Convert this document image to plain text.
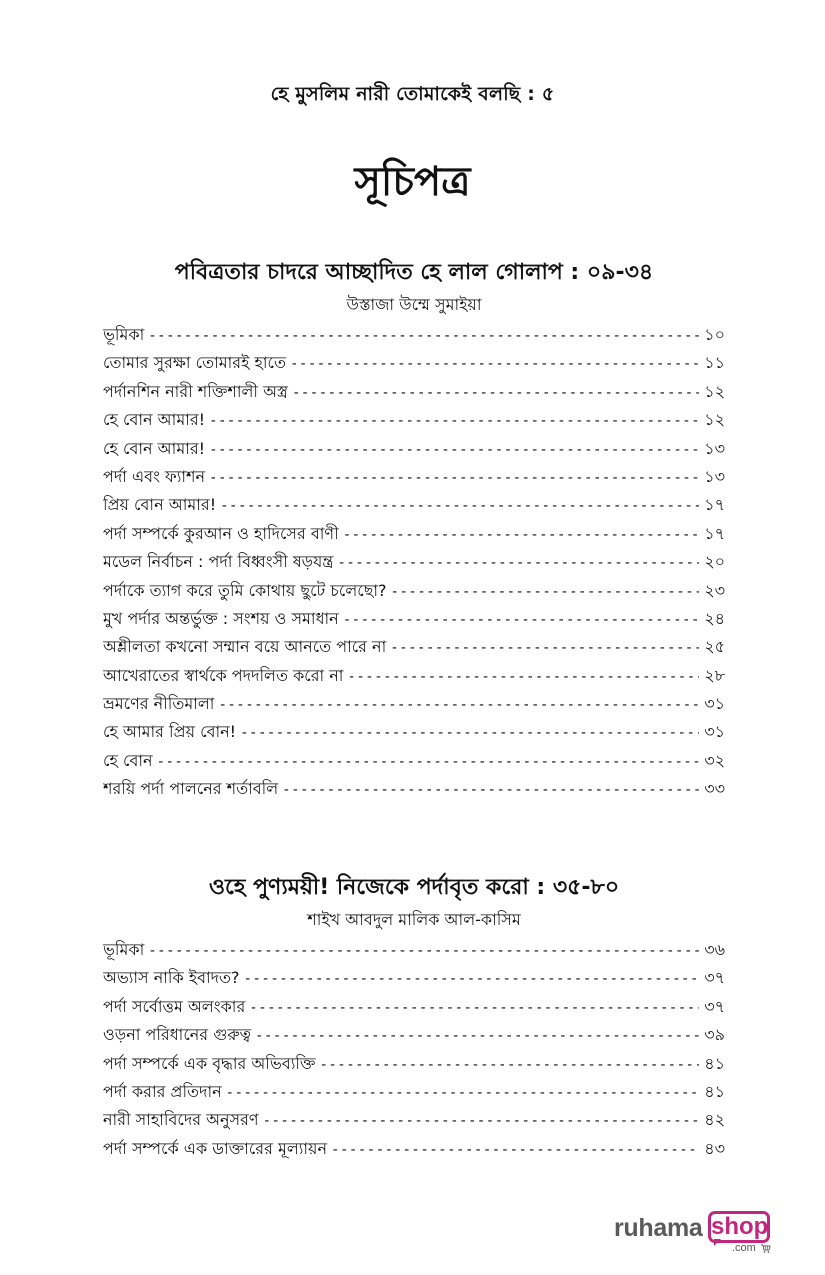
হে মুসলিম নারী তোমাকেই বলছি : ৫
সূচিপত্র
পবিত্রতার চাদরে আচ্ছাদিত হে লাল গোলাপ : ০৯-৩৪
উস্তাজা উম্মে সুমাইয়া
ভূমিকা -----	১০
তোমার সুরক্ষা তোমারই হাতে -----	১১
পর্দানশিন নারী শক্তিশালী অস্ত্র -----	১২
হে বোন আমার! -----	১২
হে বোন আমার! -----	১৩
পর্দা এবং ফ্যাশন -----	১৩
প্রিয় বোন আমার! -----	১৭
পর্দা সম্পর্কে কুরআন ও হাদিসের বাণী -----	১৭
মডেল নির্বাচন : পর্দা বিধ্বংসী ষড়যন্ত্র -----	২০
পর্দাকে ত্যাগ করে তুমি কোথায় ছুটে চলেছো? -----	২৩
মুখ পর্দার অন্তর্ভুক্ত : সংশয় ও সমাধান -----	২৪
অশ্লীলতা কখনো সম্মান বয়ে আনতে পারে না -----	২৫
আখেরাতের স্বার্থকে পদদলিত করো না -----	২৮
ভ্রমণের নীতিমালা -----	৩১
হে আমার প্রিয় বোন! -----	৩১
হে বোন -----	৩২
শরয়ি পর্দা পালনের শর্তাবলি -----	৩৩
ওহে পুণ্যময়ী! নিজেকে পর্দাবৃত করো : ৩৫-৮০
শাইখ আবদুল মালিক আল-কাসিম
ভূমিকা -----	৩৬
অভ্যাস নাকি ইবাদত? -----	৩৭
পর্দা সর্বোত্তম অলংকার -----	৩৭
ওড়না পরিধানের গুরুত্ব -----	৩৯
পর্দা সম্পর্কে এক বৃদ্ধার অভিব্যক্তি -----	৪১
পর্দা করার প্রতিদান -----	৪১
নারী সাহাবিদের অনুসরণ -----	৪২
পর্দা সম্পর্কে এক ডাক্তারের মূল্যায়ন -----	৪৩
ruhama shop
.com
